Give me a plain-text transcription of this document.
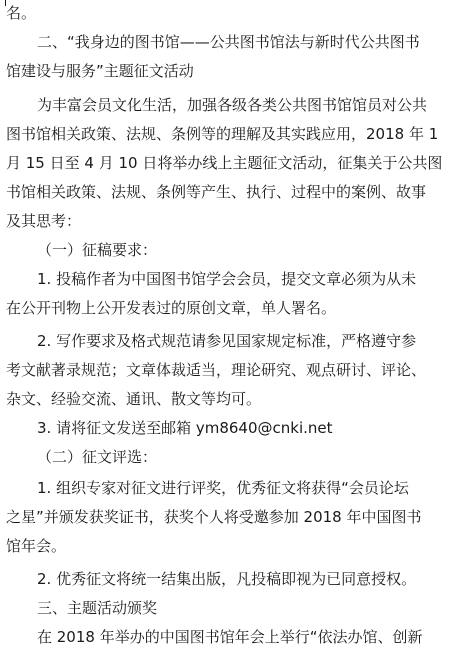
名。
二、“我身边的图书馆——公共图书馆法与新时代公共图书
馆建设与服务”主题征文活动
为丰富会员文化生活，加强各级各类公共图书馆馆员对公共
图书馆相关政策、法规、条例等的理解及其实践应用，2018 年 1
月 15 日至 4 月 10 日将举办线上主题征文活动，征集关于公共图
书馆相关政策、法规、条例等产生、执行、过程中的案例、故事
及其思考：
（一）征稿要求：
1. 投稿作者为中国图书馆学会会员，提交文章必须为从未
在公开刊物上公开发表过的原创文章，单人署名。
2. 写作要求及格式规范请参见国家规定标准，严格遵守参
考文献著录规范；文章体裁适当，理论研究、观点研讨、评论、
杂文、经验交流、通讯、散文等均可。
3. 请将征文发送至邮箱 ym8640@cnki.net
（二）征文评选：
1. 组织专家对征文进行评奖，优秀征文将获得“会员论坛
之星”并颁发获奖证书，获奖个人将受邀参加 2018 年中国图书
馆年会。
2. 优秀征文将统一结集出版，凡投稿即视为已同意授权。
三、主题活动颁奖
在 2018 年举办的中国图书馆年会上举行“依法办馆、创新
